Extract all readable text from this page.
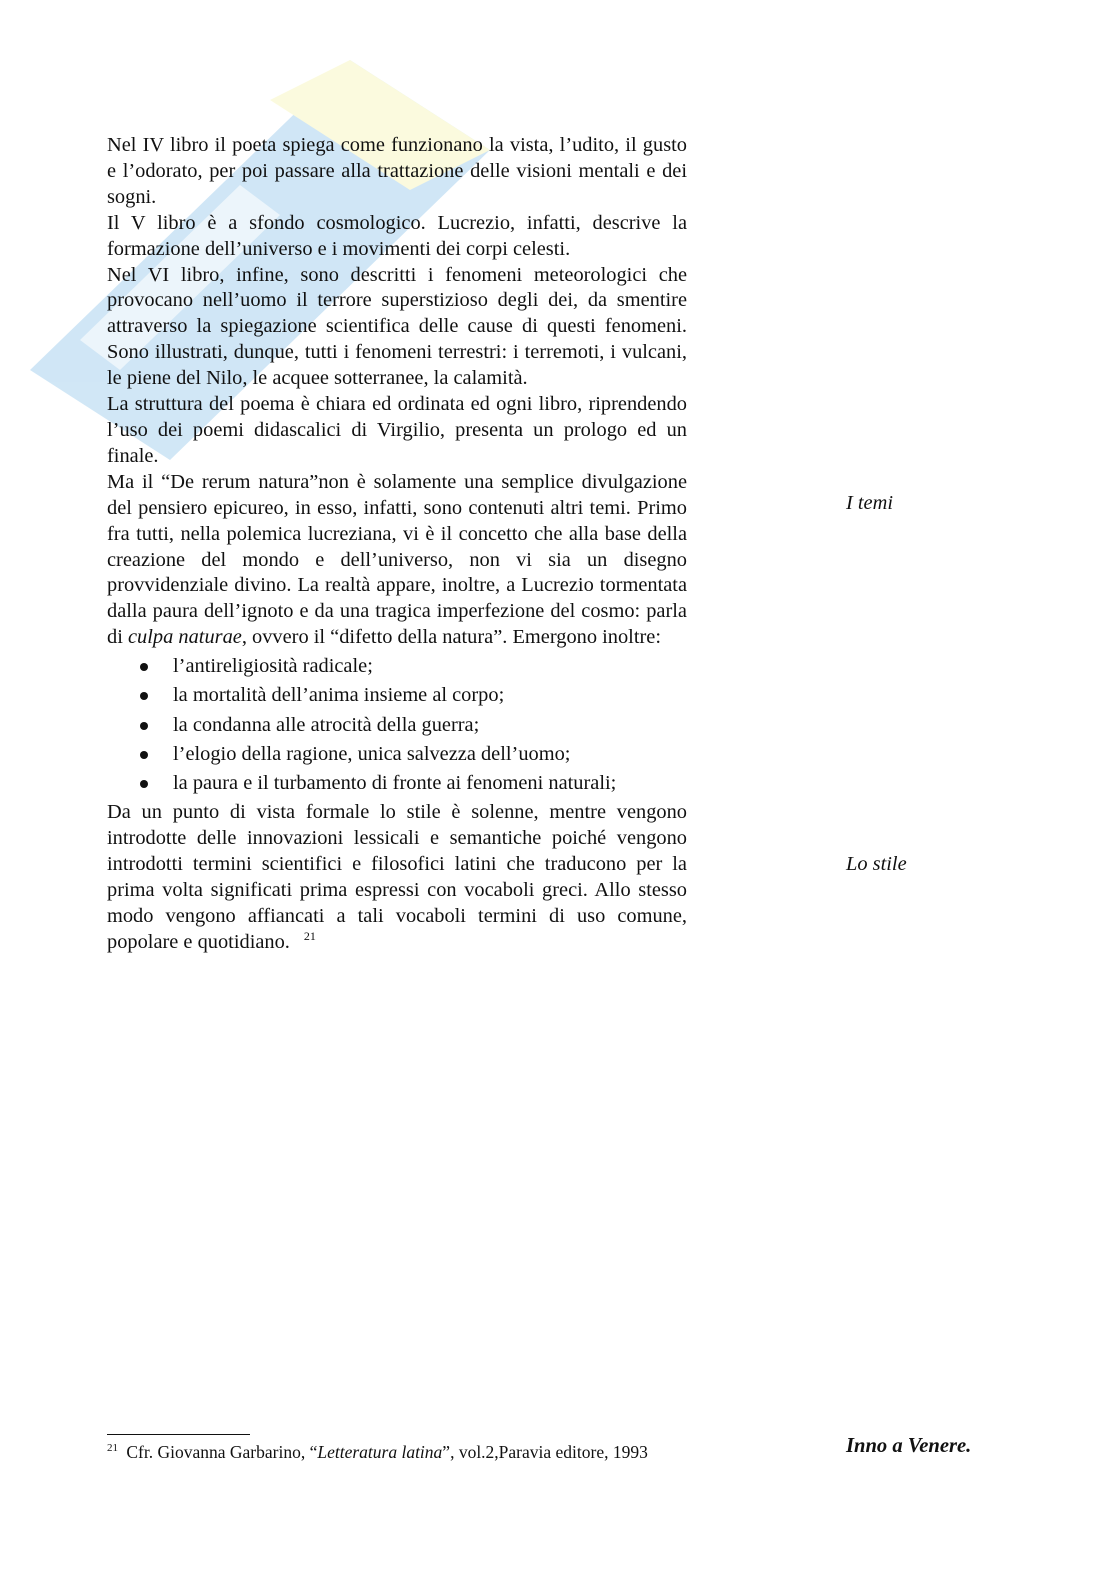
Nel IV libro il poeta spiega come funzionano la vista, l’udito, il gusto e l’odorato, per poi passare alla trattazione delle visioni mentali e dei sogni.

Il V libro è a sfondo cosmologico. Lucrezio, infatti, descrive la formazione dell’universo e i movimenti dei corpi celesti.

Nel VI libro, infine, sono descritti i fenomeni meteorologici che provocano nell’uomo il terrore superstizioso degli dei, da smentire attraverso la spiegazione scientifica delle cause di questi fenomeni. Sono illustrati, dunque, tutti i fenomeni terrestri: i terremoti, i vulcani, le piene del Nilo, le acquee sotterranee, la calamità.

La struttura del poema è chiara ed ordinata ed ogni libro, riprendendo l’uso dei poemi didascalici di Virgilio, presenta un prologo ed un finale.

Ma il “De rerum natura”non è solamente una semplice divulgazione del pensiero epicureo, in esso, infatti, sono contenuti altri temi. Primo fra tutti, nella polemica lucreziana, vi è il concetto che alla base della creazione del mondo e dell’universo, non vi sia un disegno provvidenziale divino. La realtà appare, inoltre, a Lucrezio tormentata dalla paura dell’ignoto e da una tragica imperfezione del cosmo: parla di culpa naturae, ovvero il “difetto della natura”. Emergono inoltre:

l’antireligiosità radicale;
la mortalità dell’anima insieme al corpo;
la condanna alle atrocità della guerra;
l’elogio della ragione, unica salvezza dell’uomo;
la paura e il turbamento di fronte ai fenomeni naturali;

Da un punto di vista formale lo stile è solenne, mentre vengono introdotte delle innovazioni lessicali e semantiche poiché vengono introdotti termini scientifici e filosofici latini che traducono per la prima volta significati prima espressi con vocaboli greci. Allo stesso modo vengono affiancati a tali vocaboli termini di uso comune, popolare e quotidiano. $^{21}$

I temi
Lo stile
Inno a Venere.
$^{21}$ Cfr. Giovanna Garbarino, “Letteratura latina”, vol.2,Paravia editore, 1993
